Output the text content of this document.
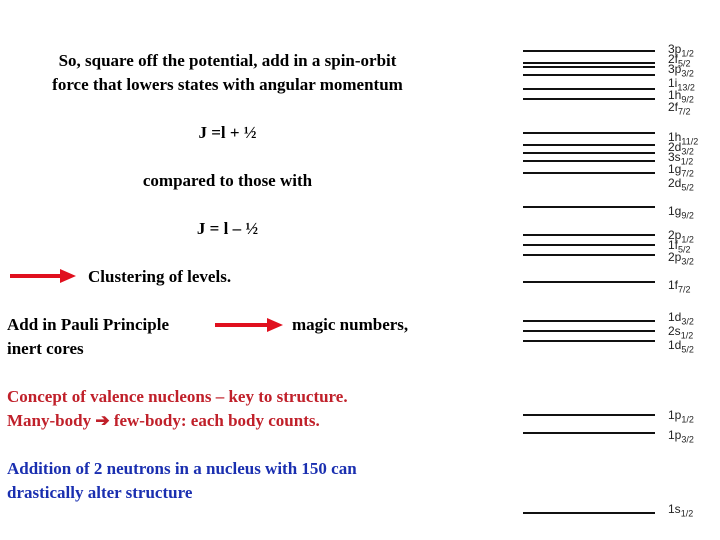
So, square off the potential, add in a spin-orbit
force that lowers states with angular momentum
J =l + ½
compared to those with
J = l – ½
Clustering of levels.
Add in Pauli Principle
inert cores
magic numbers,
Concept of valence nucleons – key to structure.
Many-body ➔ few-body: each body counts.
Addition of 2 neutrons in a nucleus with 150 can
drastically alter structure
$3p_{1/2}$
$2f_{5/2}$
$3p_{3/2}$
$1i_{13/2}$
$1h_{9/2}$
$2f_{7/2}$
$1h_{11/2}$
$2d_{3/2}$
$3s_{1/2}$
$1g_{7/2}$
$2d_{5/2}$
$1g_{9/2}$
$2p_{1/2}$
$1f_{5/2}$
$2p_{3/2}$
$1f_{7/2}$
$1d_{3/2}$
$2s_{1/2}$
$1d_{5/2}$
$1p_{1/2}$
$1p_{3/2}$
$1s_{1/2}$
